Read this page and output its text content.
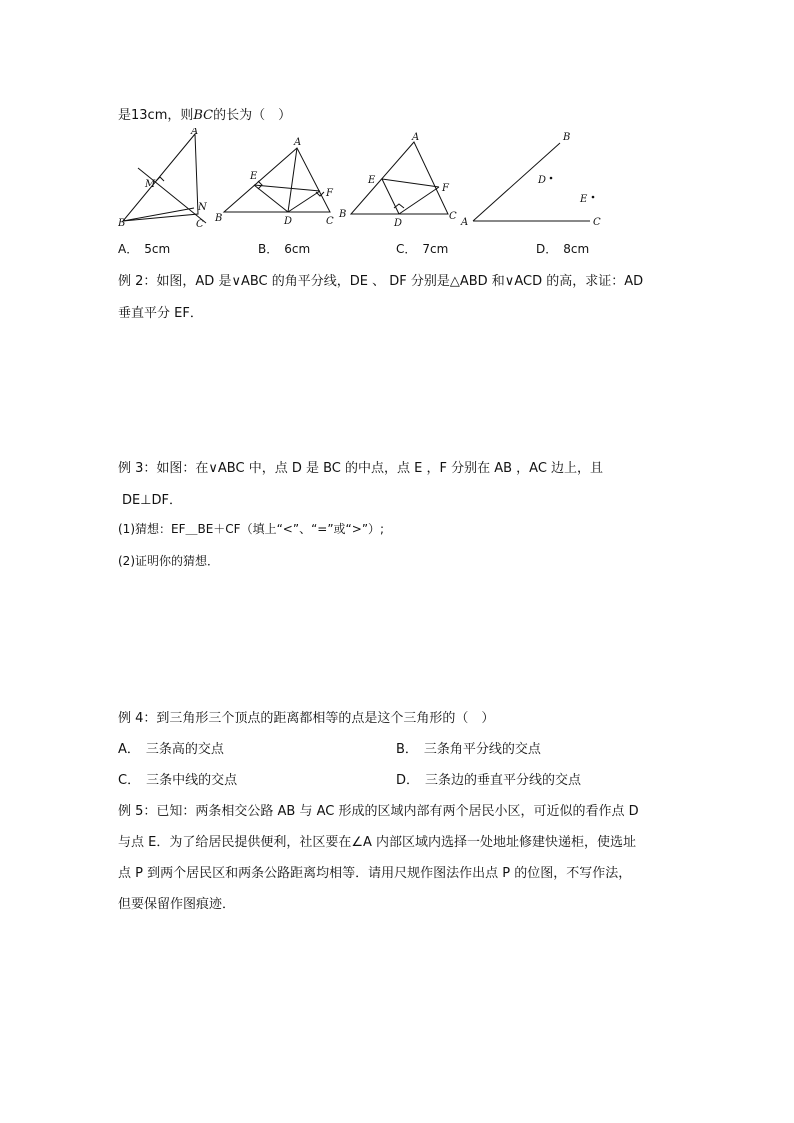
是13cm，则BC的长为（　）
A
B	C
M
N
A
B	C
D
E
F
A
B	C
D
E
F
A
B
C
D
E
A． 5cm	B． 6cm	C． 7cm	D． 8cm
例 2：如图，AD 是∨ABC 的角平分线，DE 、 DF 分别是△ABD 和∨ACD 的高，求证：AD
垂直平分 EF．
例 3：如图：在∨ABC 中，点 D 是 BC 的中点，点 E ，F 分别在 AB ，AC 边上，且
DE⊥DF．
(1)猜想：EF＿BE＋CF（填上“<”、“=”或“>”）;
(2)证明你的猜想．
例 4：到三角形三个顶点的距离都相等的点是这个三角形的（　）
A． 三条高的交点	B． 三条角平分线的交点
C． 三条中线的交点	D． 三条边的垂直平分线的交点
例 5：已知：两条相交公路 AB 与 AC 形成的区域内部有两个居民小区，可近似的看作点 D
与点 E．为了给居民提供便利，社区要在∠A 内部区域内选择一处地址修建快递柜，使选址
点 P 到两个居民区和两条公路距离均相等．请用尺规作图法作出点 P 的位图，不写作法，
但要保留作图痕迹．
